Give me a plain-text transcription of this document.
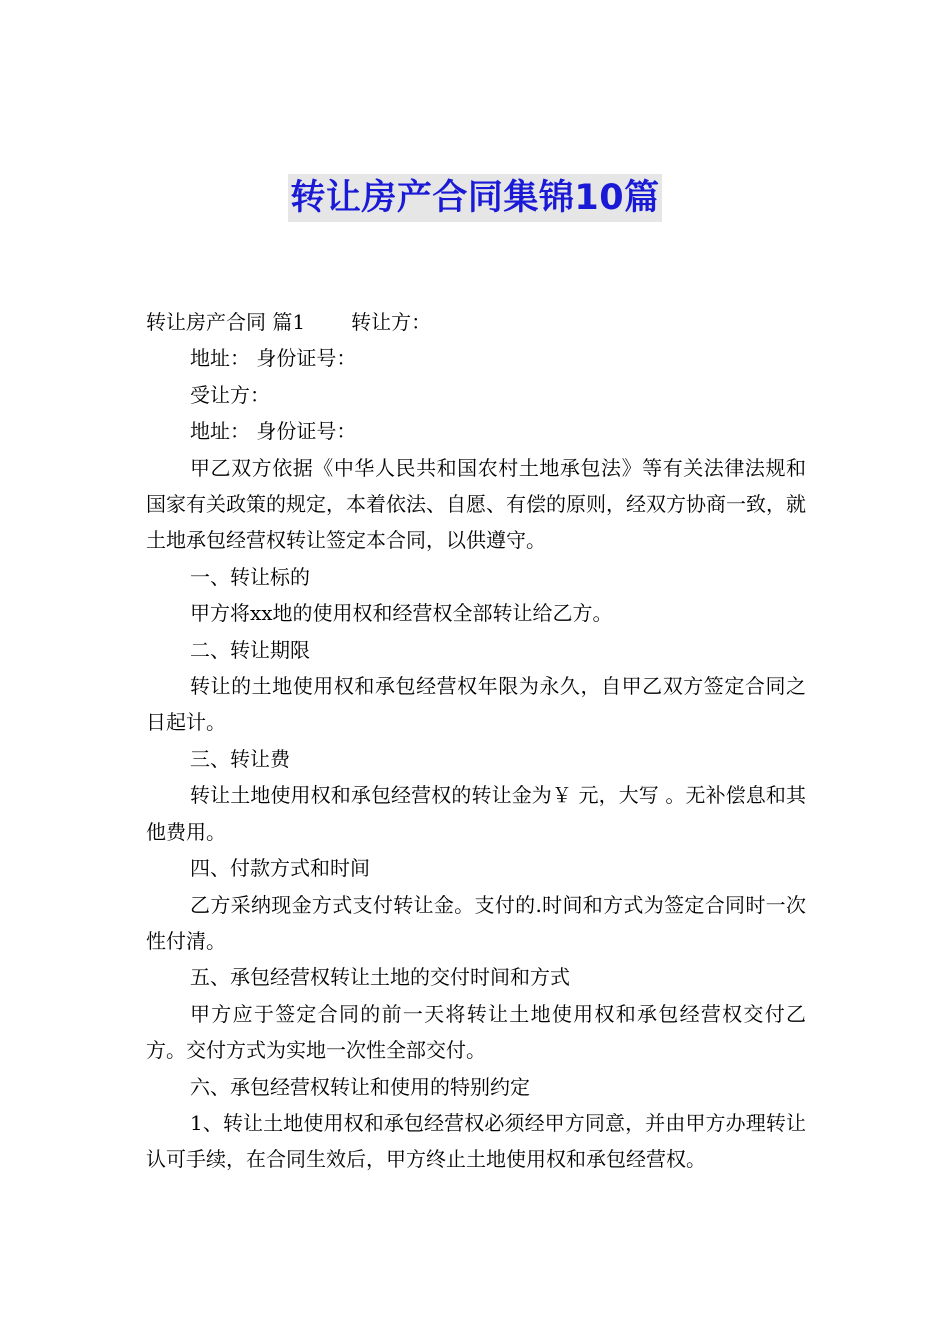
转让房产合同集锦10篇

转让房产合同 篇1 转让方：

地址： 身份证号：

受让方：

地址： 身份证号：

甲乙双方依据《中华人民共和国农村土地承包法》等有关法律法规和国家有关政策的规定，本着依法、自愿、有偿的原则，经双方协商一致，就土地承包经营权转让签定本合同，以供遵守。

一、转让标的

甲方将xx地的使用权和经营权全部转让给乙方。

二、转让期限

转让的土地使用权和承包经营权年限为永久，自甲乙双方签定合同之日起计。

三、转让费

转让土地使用权和承包经营权的转让金为￥ 元，大写 。无补偿息和其他费用。

四、付款方式和时间

乙方采纳现金方式支付转让金。支付的.时间和方式为签定合同时一次性付清。

五、承包经营权转让土地的交付时间和方式

甲方应于签定合同的前一天将转让土地使用权和承包经营权交付乙方。交付方式为实地一次性全部交付。

六、承包经营权转让和使用的特别约定

1、转让土地使用权和承包经营权必须经甲方同意，并由甲方办理转让认可手续，在合同生效后，甲方终止土地使用权和承包经营权。
